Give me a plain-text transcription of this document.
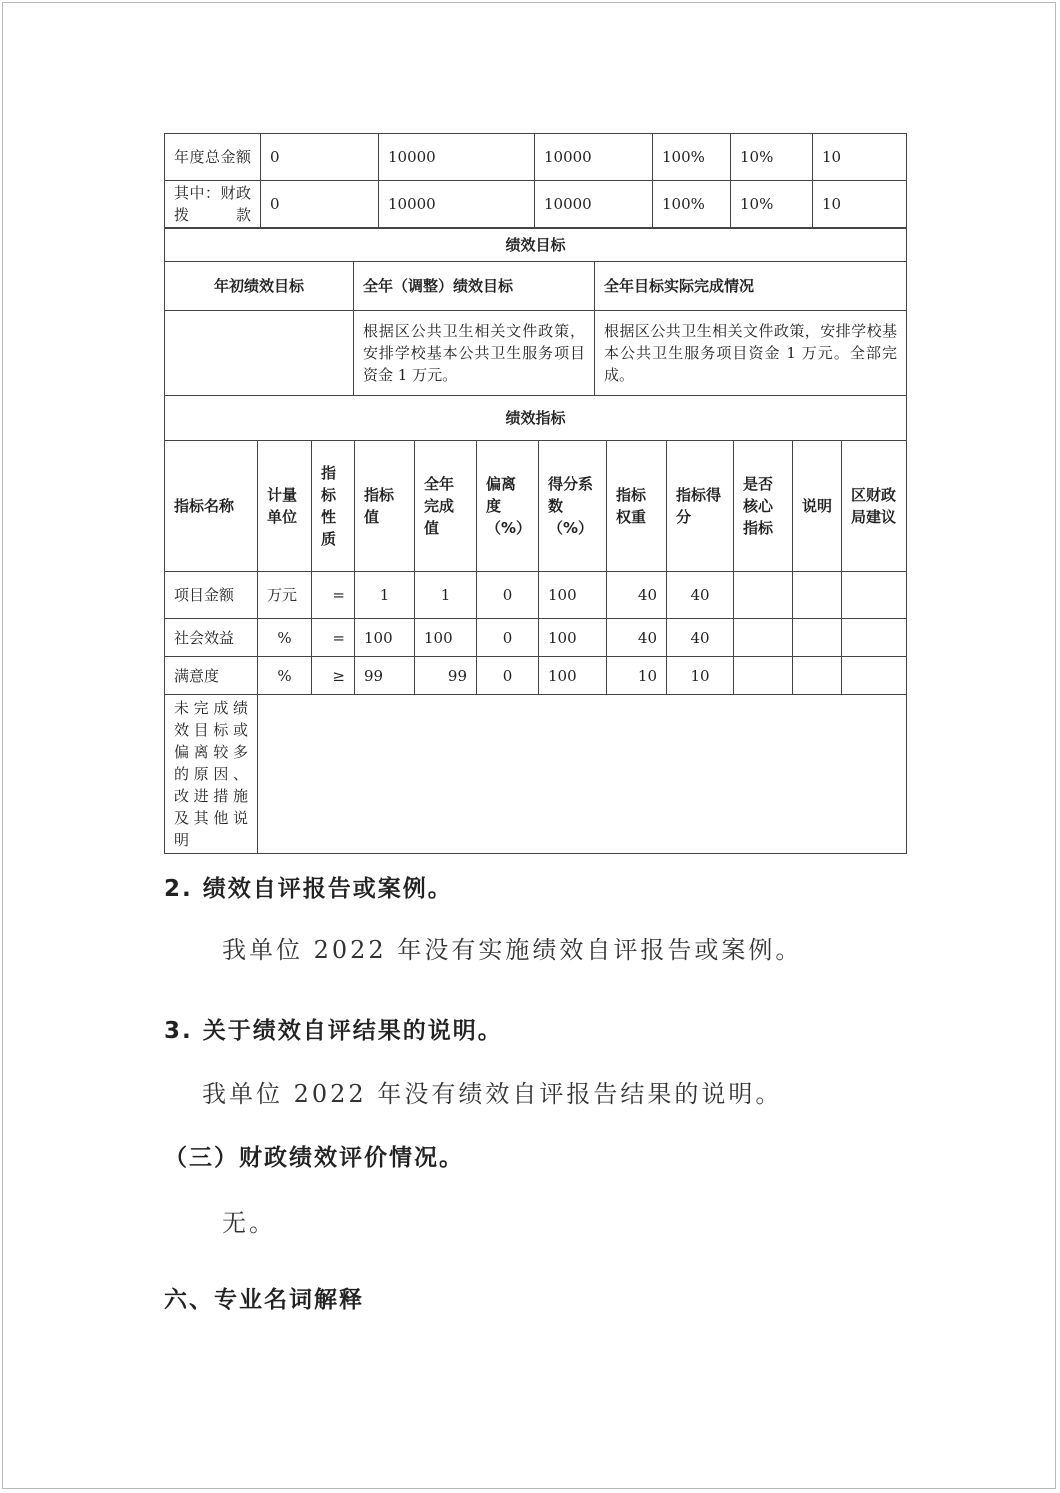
年度总金额	0	10000	10000	100%	10%	10
其中：财政拨款	0	10000	10000	100%	10%	10
绩效目标		
年初绩效目标	全年（调整）绩效目标	全年目标实际完成情况
	根据区公共卫生相关文件政策，安排学校基本公共卫生服务项目资金 1 万元。	根据区公共卫生相关文件政策，安排学校基本公共卫生服务项目资金 1 万元。全部完成。
绩效指标		
指标名称	计量单位	指标性质	指标值	全年完成值	偏离度（%）	得分系数（%）	指标权重	指标得分	是否核心指标	说明	区财政局建议
项目金额	万元	=	1	1	0	100	40	40			
社会效益	%	=	100	100	0	100	40	40			
满意度	%	≥	99	99	0	100	10	10			
未完成绩效目标或偏离较多的原因、改进措施及其他说明											
2. 绩效自评报告或案例。
我单位 2022 年没有实施绩效自评报告或案例。
3. 关于绩效自评结果的说明。
我单位 2022 年没有绩效自评报告结果的说明。
（三）财政绩效评价情况。
无。
六、专业名词解释
